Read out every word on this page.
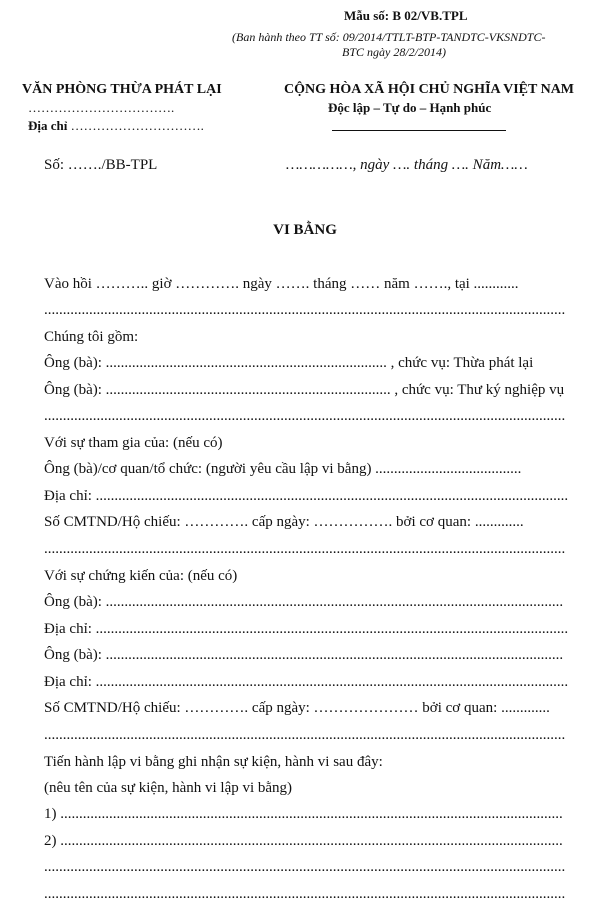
Mẫu số: B 02/VB.TPL
(Ban hành theo TT số: 09/2014/TTLT-BTP-TANDTC-VKSNDTC-
BTC ngày 28/2/2014)
VĂN PHÒNG THỪA PHÁT LẠI
…………………………….
Địa chỉ ………………………….
CỘNG HÒA XÃ HỘI CHỦ NGHĨA VIỆT NAM
Độc lập – Tự do – Hạnh phúc
Số: ……./BB-TPL	……………, ngày …. tháng …. Năm……
VI BẰNG
Vào hồi ……….. giờ …………. ngày ……. tháng …… năm ……., tại ............
...........................................................................................................................................
Chúng tôi gồm:
Ông (bà): ........................................................................... , chức vụ: Thừa phát lại
Ông (bà): ............................................................................ , chức vụ: Thư ký nghiệp vụ
...........................................................................................................................................
Với sự tham gia của: (nếu có)
Ông (bà)/cơ quan/tổ chức: (người yêu cầu lập vi bằng) .......................................
Địa chỉ: ..............................................................................................................................
Số CMTND/Hộ chiếu: …………. cấp ngày: ……………. bởi cơ quan: .............
...........................................................................................................................................
Với sự chứng kiến của: (nếu có)
Ông (bà): ..........................................................................................................................
Địa chỉ: ..............................................................................................................................
Ông (bà): ..........................................................................................................................
Địa chỉ: ..............................................................................................................................
Số CMTND/Hộ chiếu: …………. cấp ngày: ………………… bởi cơ quan: .............
...........................................................................................................................................
Tiến hành lập vi bằng ghi nhận sự kiện, hành vi sau đây:
(nêu tên của sự kiện, hành vi lập vi bằng)
1) ......................................................................................................................................
2) ......................................................................................................................................
...........................................................................................................................................
...........................................................................................................................................
